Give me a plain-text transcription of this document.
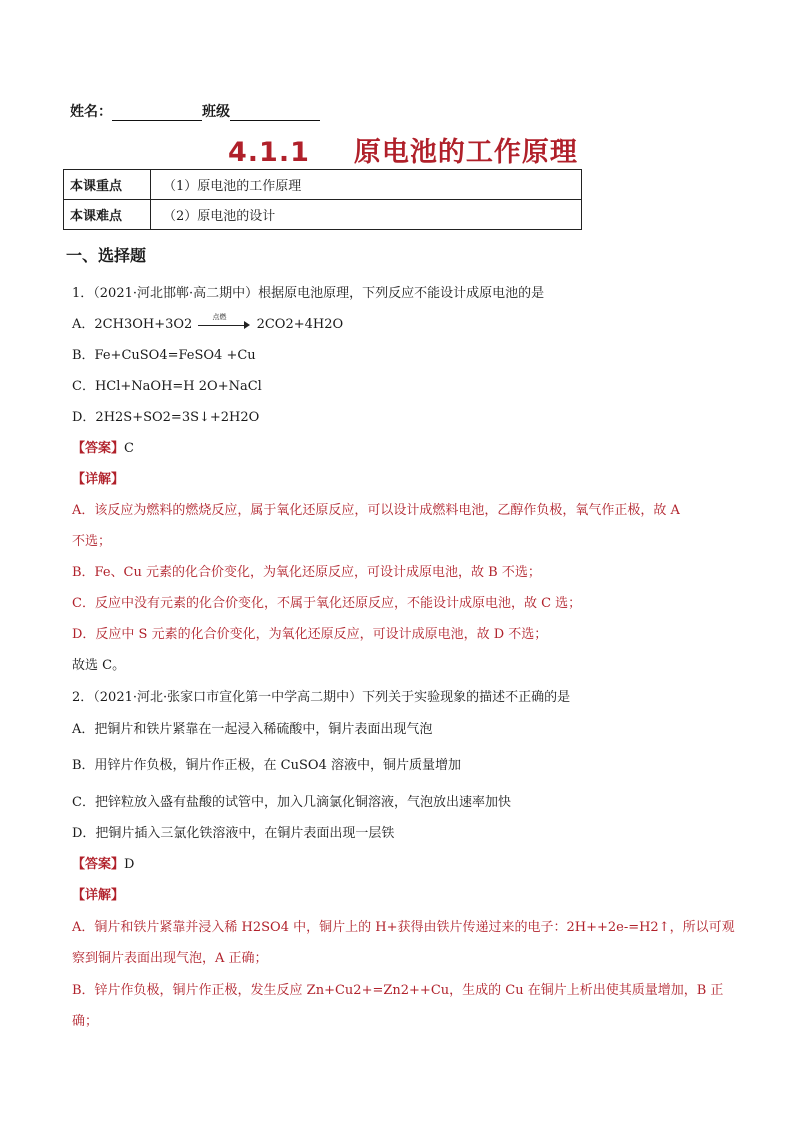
姓名：	班级
4.1.1 原电池的工作原理
本课重点	（1）原电池的工作原理
本课难点	（2）原电池的设计
一、选择题
1．（2021·河北邯郸·高二期中）根据原电池原理，下列反应不能设计成原电池的是
A．2CH3OH+3O2
点燃
2CO2+4H2O
B．Fe+CuSO4=FeSO4 +Cu
C．HCl+NaOH=H 2O+NaCl
D．2H2S+SO2=3S↓+2H2O
【答案】C
【详解】
A．该反应为燃料的燃烧反应，属于氧化还原反应，可以设计成燃料电池，乙醇作负极，氧气作正极，故 A
不选；
B．Fe、Cu 元素的化合价变化，为氧化还原反应，可设计成原电池，故 B 不选；
C．反应中没有元素的化合价变化，不属于氧化还原反应，不能设计成原电池，故 C 选；
D．反应中 S 元素的化合价变化，为氧化还原反应，可设计成原电池，故 D 不选；
故选 C。
2．（2021·河北·张家口市宣化第一中学高二期中）下列关于实验现象的描述不正确的是
A．把铜片和铁片紧靠在一起浸入稀硫酸中，铜片表面出现气泡
B．用锌片作负极，铜片作正极，在 CuSO4 溶液中，铜片质量增加
C．把锌粒放入盛有盐酸的试管中，加入几滴氯化铜溶液，气泡放出速率加快
D．把铜片插入三氯化铁溶液中，在铜片表面出现一层铁
【答案】D
【详解】
A．铜片和铁片紧靠并浸入稀 H2SO4 中，铜片上的 H+获得由铁片传递过来的电子：2H++2e-=H2↑，所以可观
察到铜片表面出现气泡，A 正确；
B．锌片作负极，铜片作正极，发生反应 Zn+Cu2+=Zn2++Cu，生成的 Cu 在铜片上析出使其质量增加，B 正
确；
